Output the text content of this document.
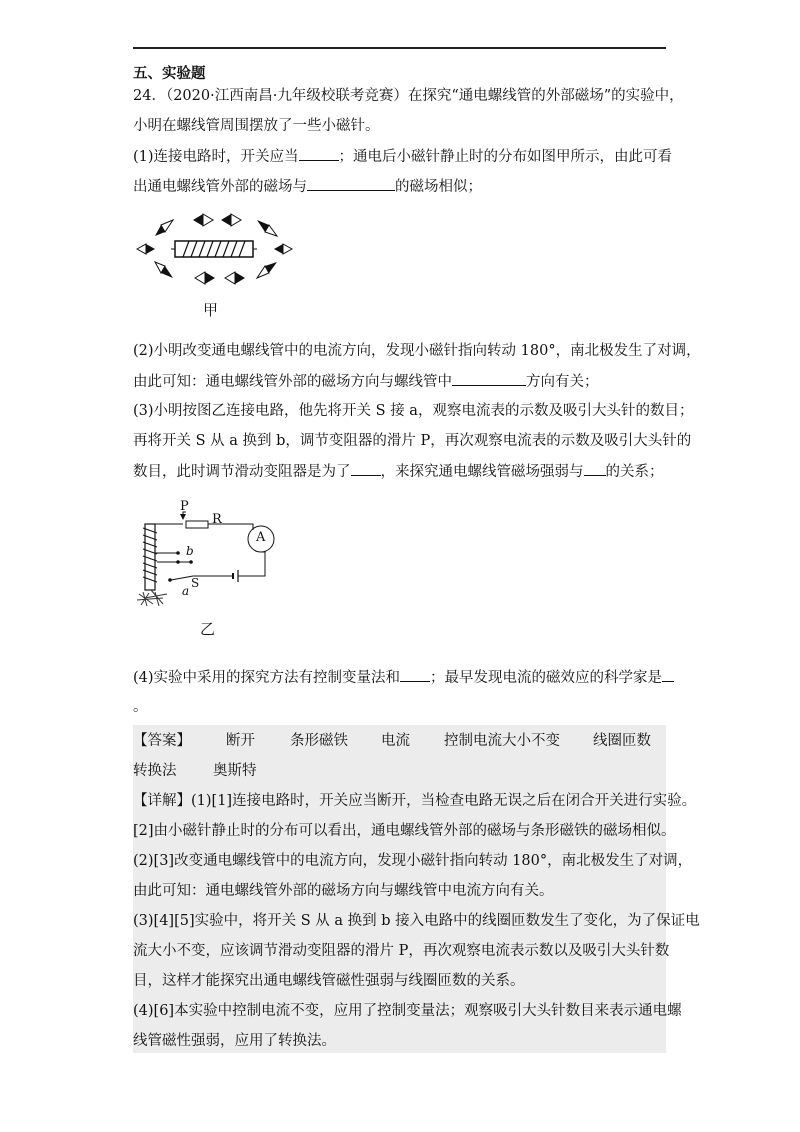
五、实验题
24．（2020·江西南昌·九年级校联考竞赛）在探究“通电螺线管的外部磁场”的实验中，
小明在螺线管周围摆放了一些小磁针。
(1)连接电路时，开关应当	；通电后小磁针静止时的分布如图甲所示，由此可看
出通电螺线管外部的磁场与	的磁场相似；
甲
(2)小明改变通电螺线管中的电流方向，发现小磁针指向转动 180°，南北极发生了对调，
由此可知：通电螺线管外部的磁场方向与螺线管中	方向有关；
(3)小明按图乙连接电路，他先将开关 S 接 a，观察电流表的示数及吸引大头针的数目；
再将开关 S 从 a 换到 b，调节变阻器的滑片 P，再次观察电流表的示数及吸引大头针的
数目，此时调节滑动变阻器是为了 ，来探究通电螺线管磁场强弱与 的关系；
P
R
A
b
a
S
乙
(4)实验中采用的探究方法有控制变量法和 ；最早发现电流的磁效应的科学家是
。
【答案】 断开 条形磁铁 电流 控制电流大小不变 线圈匝数
转换法	奥斯特
【详解】(1)[1]连接电路时，开关应当断开，当检查电路无误之后在闭合开关进行实验。
[2]由小磁针静止时的分布可以看出，通电螺线管外部的磁场与条形磁铁的磁场相似。
(2)[3]改变通电螺线管中的电流方向，发现小磁针指向转动 180°，南北极发生了对调，
由此可知：通电螺线管外部的磁场方向与螺线管中电流方向有关。
(3)[4][5]实验中，将开关 S 从 a 换到 b 接入电路中的线圈匝数发生了变化，为了保证电
流大小不变，应该调节滑动变阻器的滑片 P，再次观察电流表示数以及吸引大头针数
目，这样才能探究出通电螺线管磁性强弱与线圈匝数的关系。
(4)[6]本实验中控制电流不变，应用了控制变量法；观察吸引大头针数目来表示通电螺
线管磁性强弱，应用了转换法。
